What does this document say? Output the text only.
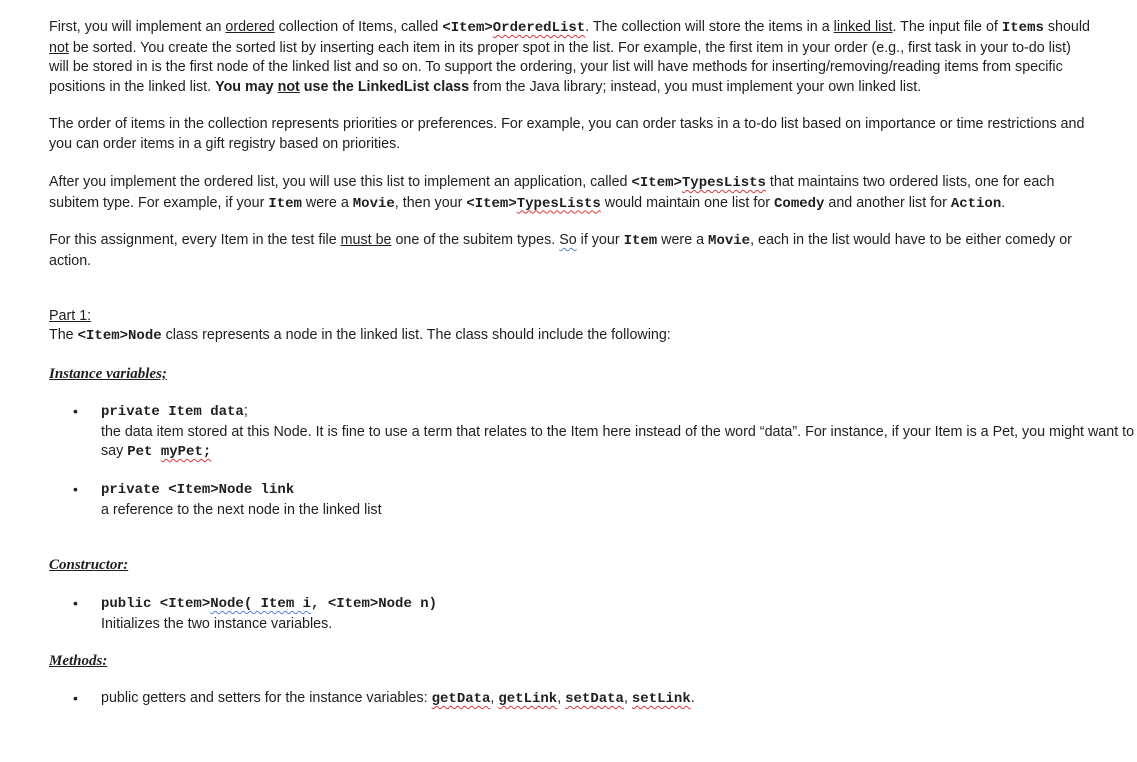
First, you will implement an ordered collection of Items, called <Item>OrderedList. The collection will store the items in a linked list. The input file of Items should not be sorted. You create the sorted list by inserting each item in its proper spot in the list. For example, the first item in your order (e.g., first task in your to-do list) will be stored in is the first node of the linked list and so on. To support the ordering, your list will have methods for inserting/removing/reading items from specific positions in the linked list. You may not use the LinkedList class from the Java library; instead, you must implement your own linked list.

The order of items in the collection represents priorities or preferences. For example, you can order tasks in a to-do list based on importance or time restrictions and you can order items in a gift registry based on priorities.

After you implement the ordered list, you will use this list to implement an application, called <Item>TypesLists that maintains two ordered lists, one for each subitem type. For example, if your Item were a Movie, then your <Item>TypesLists would maintain one list for Comedy and another list for Action.

For this assignment, every Item in the test file must be one of the subitem types. So if your Item were a Movie, each in the list would have to be either comedy or action.

Part 1:

The <Item>Node class represents a node in the linked list. The class should include the following:

Instance variables;

• private Item data;

the data item stored at this Node. It is fine to use a term that relates to the Item here instead of the word “data”. For instance, if your Item is a Pet, you might want to say Pet myPet;

• private <Item>Node link

a reference to the next node in the linked list

Constructor:

• public <Item>Node( Item i, <Item>Node n)

Initializes the two instance variables.

Methods:

• public getters and setters for the instance variables: getData, getLink, setData, setLink.
